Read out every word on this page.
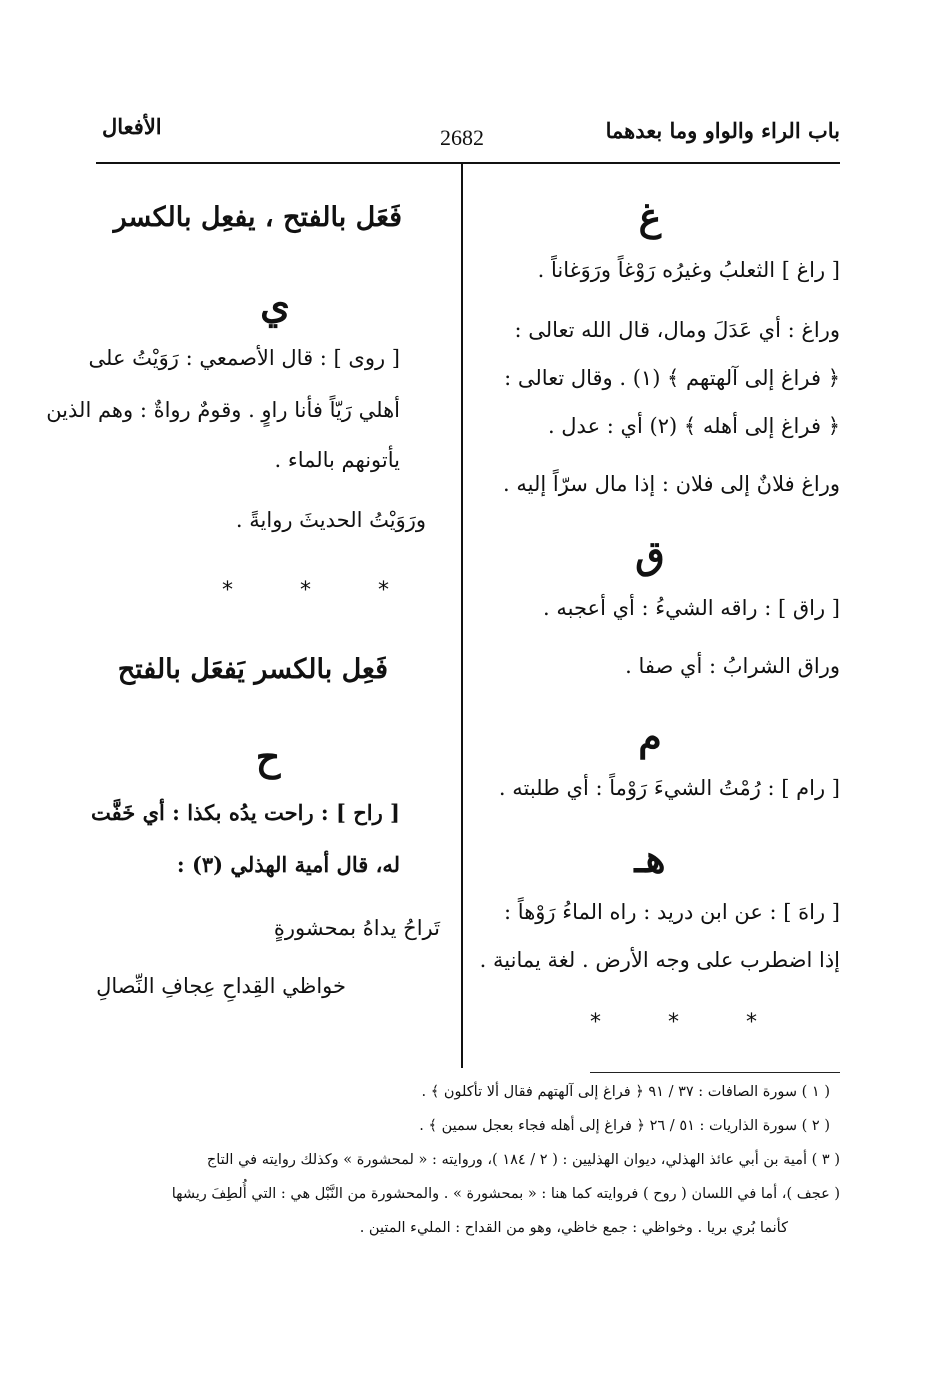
باب الراء والواو وما بعدهما
2682
الأفعال
غ
[ راغ ] الثعلبُ وغيرُه رَوْغاً ورَوَغاناً .
وراغ : أي عَدَلَ ومال، قال الله تعالى :
﴿ فراغ إلى آلهتهم ﴾ (١) . وقال تعالى :
﴿ فراغ إلى أهله ﴾ (٢) أي : عدل .
وراغ فلانٌ إلى فلان : إذا مال سرّاً إليه .
ق
[ راق ] : راقه الشيءُ : أي أعجبه .
وراق الشرابُ : أي صفا .
م
[ رام ] : رُمْتُ الشيءَ رَوْماً : أي طلبته .
هـ
[ راهَ ] : عن ابن دريد : راه الماءُ رَوْهاً :
إذا اضطرب على وجه الأرض . لغة يمانية .
* * *
فَعَل بالفتح ، يفعِل بالكسر
ي
[ روى ] : قال الأصمعي : رَوَيْتُ على
أهلي رَيّاً فأنا راوٍ . وقومٌ رواةٌ : وهم الذين
يأتونهم بالماء .
ورَوَيْتُ الحديثَ روايةً .
* * *
فَعِل بالكسر يَفعَل بالفتح
ح
[ راح ] : راحت يدُه بكذا : أي خَفَّت
له، قال أمية الهذلي (٣) :
تَراحُ يداهُ بمحشورةٍ
خواظي القِداحِ عِجافِ النِّصالِ
( ١ ) سورة الصافات : ٣٧ / ٩١ ﴿ فراغ إلى آلهتهم فقال ألا تأكلون ﴾ .
( ٢ ) سورة الذاريات : ٥١ / ٢٦ ﴿ فراغ إلى أهله فجاء بعجل سمين ﴾ .
( ٣ ) أمية بن أبي عائذ الهذلي، ديوان الهذليين : ( ٢ / ١٨٤ )، وروايته : « لمحشورة » وكذلك روايته في التاج
( عجف )، أما في اللسان ( روح ) فروايته كما هنا : « بمحشورة » . والمحشورة من النَّبْل هي : التي أُلطِفَ ريشها
كأنما بُري بريا . وخواظي : جمع خاظي، وهو من القداح : المليء المتين .
